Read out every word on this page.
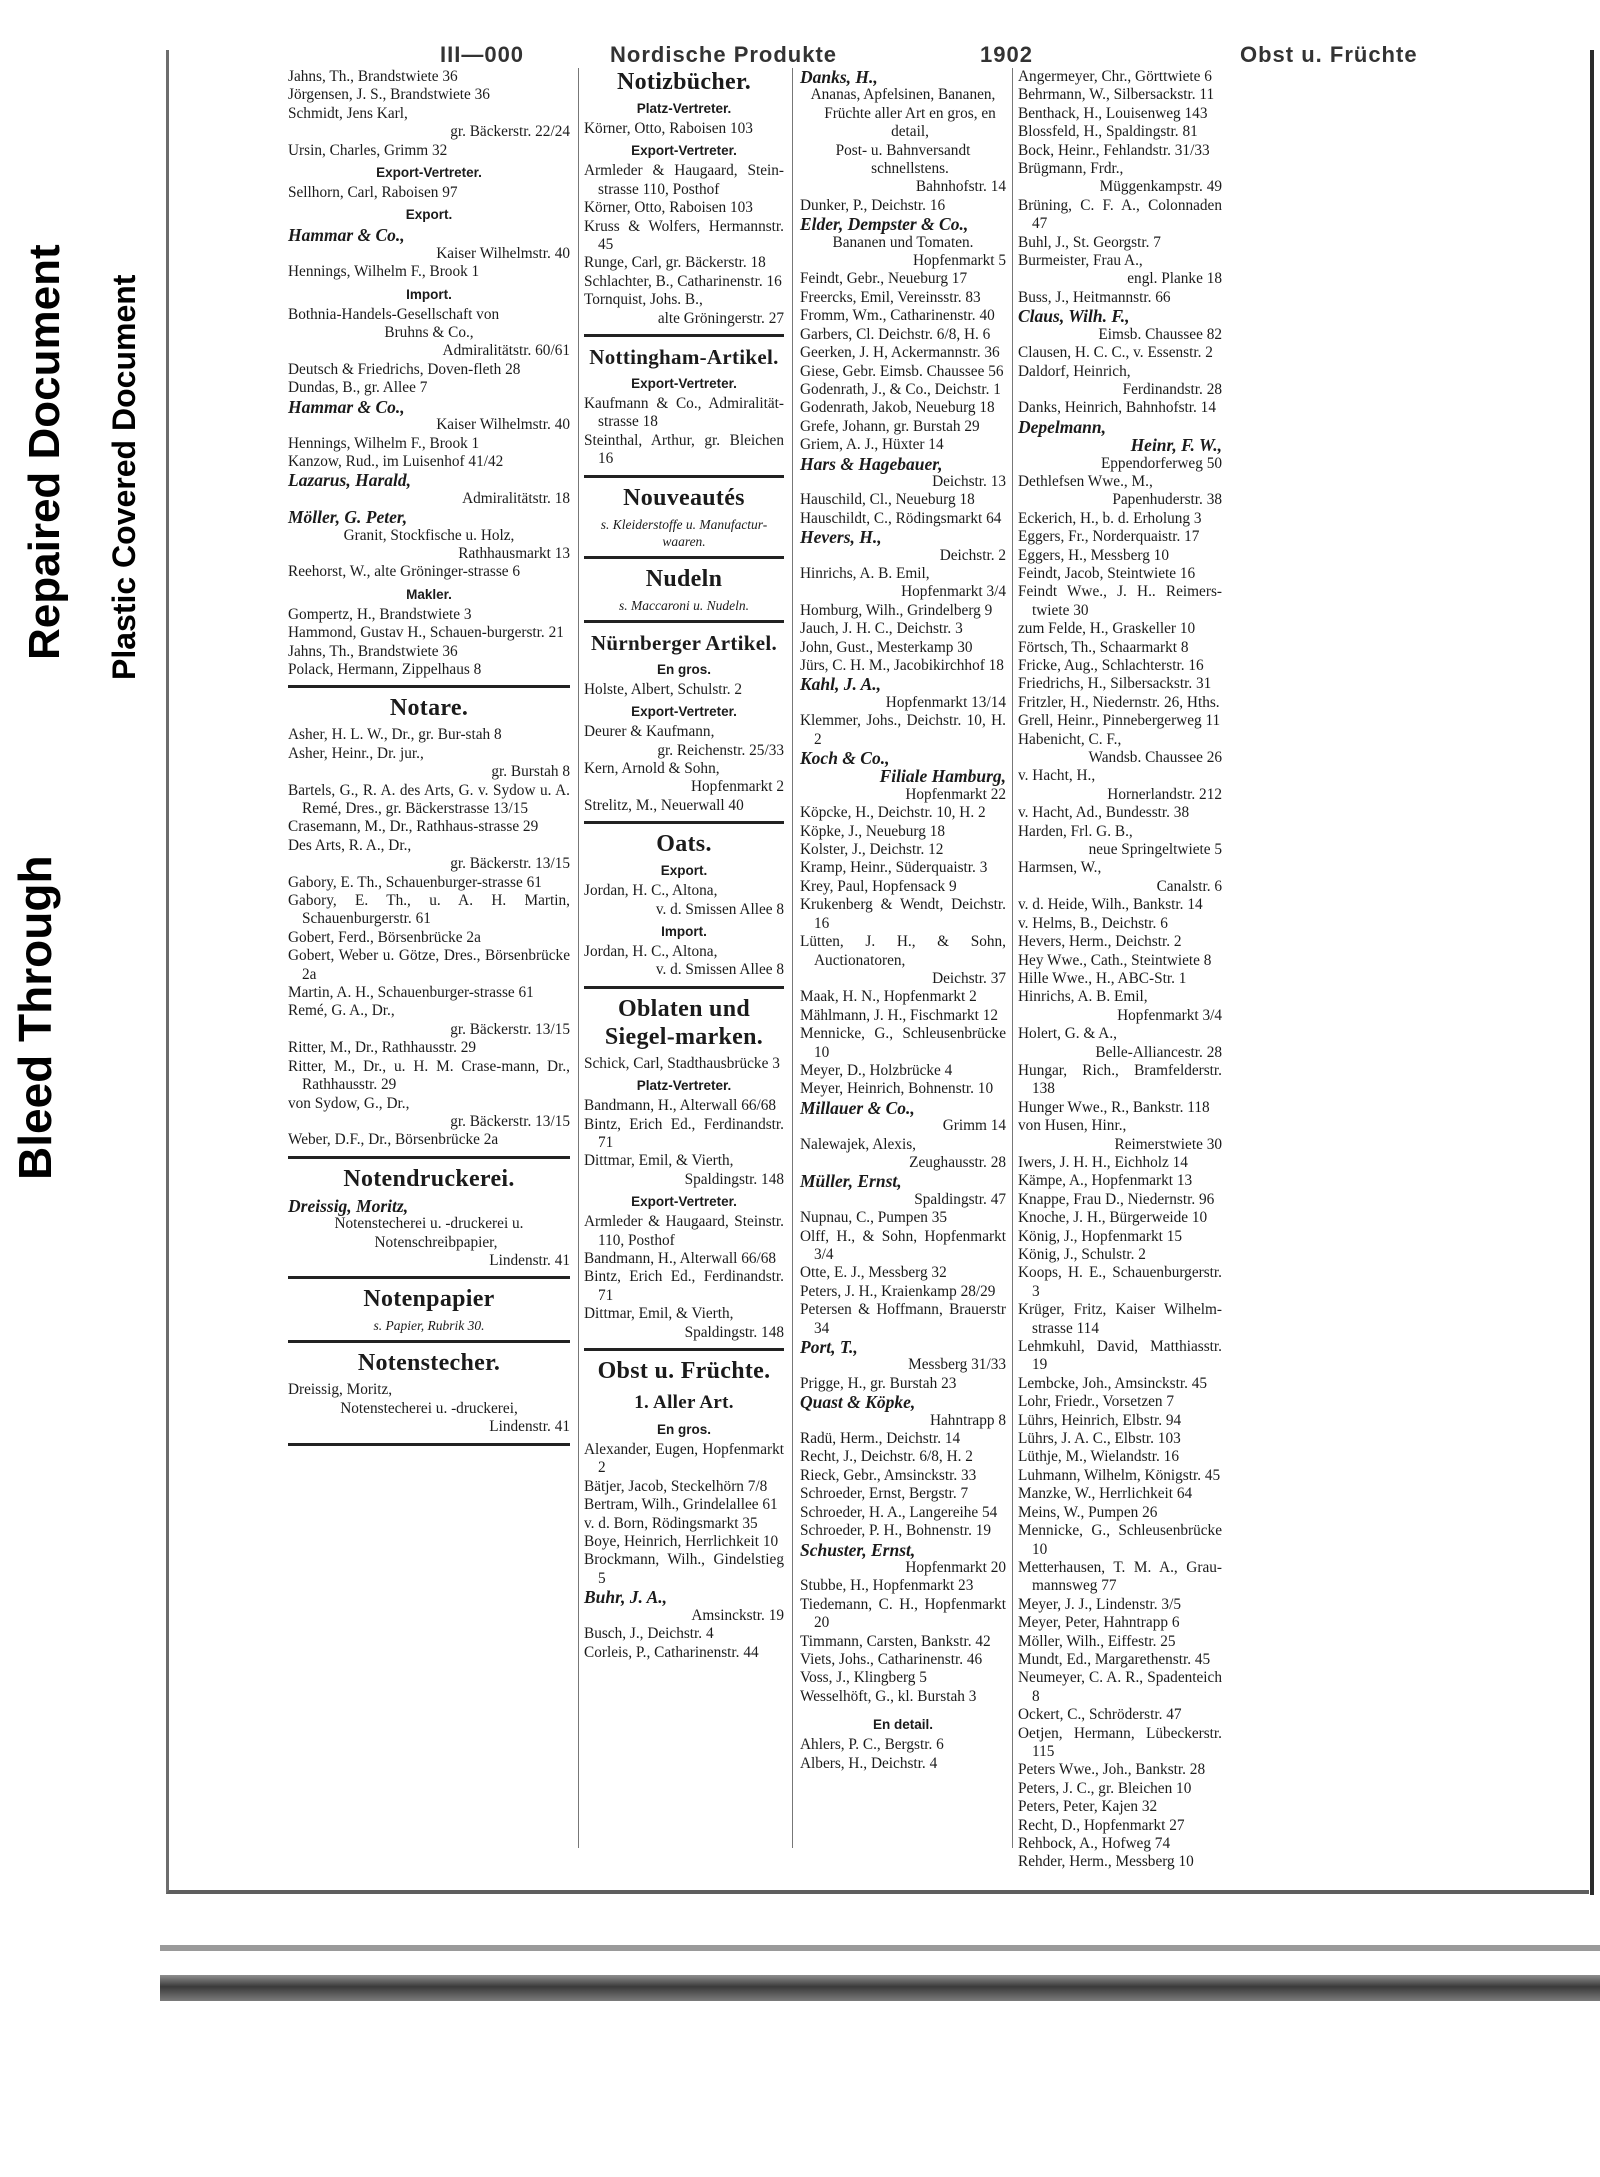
Bleed Through
Repaired Document Plastic Covered Document
III—000	Nordische Produkte	1902	Obst u. Früchte

Jahns, Th., Brandstwiete 36

Jörgensen, J. S., Brandstwiete 36

Schmidt, Jens Karl,

gr. Bäckerstr. 22/24

Ursin, Charles, Grimm 32

Export-Vertreter.

Sellhorn, Carl, Raboisen 97

Export.

Hammar & Co.,

Kaiser Wilhelmstr. 40

Hennings, Wilhelm F., Brook 1

Import.

Bothnia-Handels-Gesellschaft von

Bruhns & Co.,

Admiralitätstr. 60/61

Deutsch & Friedrichs, Doven-fleth 28

Dundas, B., gr. Allee 7

Hammar & Co.,

Kaiser Wilhelmstr. 40

Hennings, Wilhelm F., Brook 1

Kanzow, Rud., im Luisenhof 41/42

Lazarus, Harald,

Admiralitätstr. 18

Möller, G. Peter,

Granit, Stockfische u. Holz,

Rathhausmarkt 13

Reehorst, W., alte Gröninger-strasse 6

Makler.

Gompertz, H., Brandstwiete 3

Hammond, Gustav H., Schauen-burgerstr. 21

Jahns, Th., Brandstwiete 36

Polack, Hermann, Zippelhaus 8

Notare.

Asher, H. L. W., Dr., gr. Bur-stah 8

Asher, Heinr., Dr. jur.,

gr. Burstah 8

Bartels, G., R. A. des Arts, G. v. Sydow u. A. Remé, Dres., gr. Bäckerstrasse 13/15

Crasemann, M., Dr., Rathhaus-strasse 29

Des Arts, R. A., Dr.,

gr. Bäckerstr. 13/15

Gabory, E. Th., Schauenburger-strasse 61

Gabory, E. Th., u. A. H. Martin, Schauenburgerstr. 61

Gobert, Ferd., Börsenbrücke 2a

Gobert, Weber u. Götze, Dres., Börsenbrücke 2a

Martin, A. H., Schauenburger-strasse 61

Remé, G. A., Dr.,

gr. Bäckerstr. 13/15

Ritter, M., Dr., Rathhausstr. 29

Ritter, M., Dr., u. H. M. Crase-mann, Dr., Rathhausstr. 29

von Sydow, G., Dr.,

gr. Bäckerstr. 13/15

Weber, D.F., Dr., Börsenbrücke 2a

Notendruckerei.

Dreissig, Moritz,

Notenstecherei u. -druckerei u. Notenschreibpapier,

Lindenstr. 41

Notenpapier
s. Papier, Rubrik 30.
Notenstecher.

Dreissig, Moritz,

Notenstecherei u. -druckerei,

Lindenstr. 41

Notizbücher.
Platz-Vertreter.

Körner, Otto, Raboisen 103

Export-Vertreter.

Armleder & Haugaard, Stein-strasse 110, Posthof

Körner, Otto, Raboisen 103

Kruss & Wolfers, Hermannstr. 45

Runge, Carl, gr. Bäckerstr. 18

Schlachter, B., Catharinenstr. 16

Tornquist, Johs. B.,

alte Gröningerstr. 27

Nottingham-Artikel.
Export-Vertreter.

Kaufmann & Co., Admiralität-strasse 18

Steinthal, Arthur, gr. Bleichen 16

Nouveautés
s. Kleiderstoffe u. Manufactur-waaren.
Nudeln
s. Maccaroni u. Nudeln.
Nürnberger Artikel.
En gros.

Holste, Albert, Schulstr. 2

Export-Vertreter.

Deurer & Kaufmann,

gr. Reichenstr. 25/33

Kern, Arnold & Sohn,

Hopfenmarkt 2

Strelitz, M., Neuerwall 40

Oats.
Export.

Jordan, H. C., Altona,

v. d. Smissen Allee 8

Import.

Jordan, H. C., Altona,

v. d. Smissen Allee 8

Oblaten und Siegel-marken.

Schick, Carl, Stadthausbrücke 3

Platz-Vertreter.

Bandmann, H., Alterwall 66/68

Bintz, Erich Ed., Ferdinandstr. 71

Dittmar, Emil, & Vierth,

Spaldingstr. 148

Export-Vertreter.

Armleder & Haugaard, Steinstr. 110, Posthof

Bandmann, H., Alterwall 66/68

Bintz, Erich Ed., Ferdinandstr. 71

Dittmar, Emil, & Vierth,

Spaldingstr. 148

Obst u. Früchte.
1. Aller Art.
En gros.

Alexander, Eugen, Hopfenmarkt 2

Bätjer, Jacob, Steckelhörn 7/8

Bertram, Wilh., Grindelallee 61

v. d. Born, Rödingsmarkt 35

Boye, Heinrich, Herrlichkeit 10

Brockmann, Wilh., Gindelstieg 5

Buhr, J. A.,

Amsinckstr. 19

Busch, J., Deichstr. 4

Corleis, P., Catharinenstr. 44

Danks, H.,

Ananas, Apfelsinen, Bananen, Früchte aller Art en gros, en detail,

Post- u. Bahnversandt schnellstens.

Bahnhofstr. 14

Dunker, P., Deichstr. 16

Elder, Dempster & Co.,

Bananen und Tomaten.

Hopfenmarkt 5

Feindt, Gebr., Neueburg 17

Freercks, Emil, Vereinsstr. 83

Fromm, Wm., Catharinenstr. 40

Garbers, Cl. Deichstr. 6/8, H. 6

Geerken, J. H, Ackermannstr. 36

Giese, Gebr. Eimsb. Chaussee 56

Godenrath, J., & Co., Deichstr. 1

Godenrath, Jakob, Neueburg 18

Grefe, Johann, gr. Burstah 29

Griem, A. J., Hüxter 14

Hars & Hagebauer,

Deichstr. 13

Hauschild, Cl., Neueburg 18

Hauschildt, C., Rödingsmarkt 64

Hevers, H.,

Deichstr. 2

Hinrichs, A. B. Emil,

Hopfenmarkt 3/4

Homburg, Wilh., Grindelberg 9

Jauch, J. H. C., Deichstr. 3

John, Gust., Mesterkamp 30

Jürs, C. H. M., Jacobikirchhof 18

Kahl, J. A.,

Hopfenmarkt 13/14

Klemmer, Johs., Deichstr. 10, H. 2

Koch & Co.,

Filiale Hamburg,

Hopfenmarkt 22

Köpcke, H., Deichstr. 10, H. 2

Köpke, J., Neueburg 18

Kolster, J., Deichstr. 12

Kramp, Heinr., Süderquaistr. 3

Krey, Paul, Hopfensack 9

Krukenberg & Wendt, Deichstr. 16

Lütten, J. H., & Sohn, Auctionatoren,

Deichstr. 37

Maak, H. N., Hopfenmarkt 2

Mählmann, J. H., Fischmarkt 12

Mennicke, G., Schleusenbrücke 10

Meyer, D., Holzbrücke 4

Meyer, Heinrich, Bohnenstr. 10

Millauer & Co.,

Grimm 14

Nalewajek, Alexis,

Zeughausstr. 28

Müller, Ernst,

Spaldingstr. 47

Nupnau, C., Pumpen 35

Olff, H., & Sohn, Hopfenmarkt 3/4

Otte, E. J., Messberg 32

Peters, J. H., Kraienkamp 28/29

Petersen & Hoffmann, Brauerstr 34

Port, T.,

Messberg 31/33

Prigge, H., gr. Burstah 23

Quast & Köpke,

Hahntrapp 8

Radü, Herm., Deichstr. 14

Recht, J., Deichstr. 6/8, H. 2

Rieck, Gebr., Amsinckstr. 33

Schroeder, Ernst, Bergstr. 7

Schroeder, H. A., Langereihe 54

Schroeder, P. H., Bohnenstr. 19

Schuster, Ernst,

Hopfenmarkt 20

Stubbe, H., Hopfenmarkt 23

Tiedemann, C. H., Hopfenmarkt 20

Timmann, Carsten, Bankstr. 42

Viets, Johs., Catharinenstr. 46

Voss, J., Klingberg 5

Wesselhöft, G., kl. Burstah 3

En detail.

Ahlers, P. C., Bergstr. 6

Albers, H., Deichstr. 4

Angermeyer, Chr., Görttwiete 6

Behrmann, W., Silbersackstr. 11

Benthack, H., Louisenweg 143

Blossfeld, H., Spaldingstr. 81

Bock, Heinr., Fehlandstr. 31/33

Brügmann, Frdr.,

Müggenkampstr. 49

Brüning, C. F. A., Colonnaden 47

Buhl, J., St. Georgstr. 7

Burmeister, Frau A.,

engl. Planke 18

Buss, J., Heitmannstr. 66

Claus, Wilh. F.,

Eimsb. Chaussee 82

Clausen, H. C. C., v. Essenstr. 2

Daldorf, Heinrich,

Ferdinandstr. 28

Danks, Heinrich, Bahnhofstr. 14

Depelmann,

Heinr, F. W.,

Eppendorferweg 50

Dethlefsen Wwe., M.,

Papenhuderstr. 38

Eckerich, H., b. d. Erholung 3

Eggers, Fr., Norderquaistr. 17

Eggers, H., Messberg 10

Feindt, Jacob, Steintwiete 16

Feindt Wwe., J. H.. Reimers-twiete 30

zum Felde, H., Graskeller 10

Förtsch, Th., Schaarmarkt 8

Fricke, Aug., Schlachterstr. 16

Friedrichs, H., Silbersackstr. 31

Fritzler, H., Niedernstr. 26, Hths.

Grell, Heinr., Pinnebergerweg 11

Habenicht, C. F.,

Wandsb. Chaussee 26

v. Hacht, H.,

Hornerlandstr. 212

v. Hacht, Ad., Bundesstr. 38

Harden, Frl. G. B.,

neue Springeltwiete 5

Harmsen, W.,

Canalstr. 6

v. d. Heide, Wilh., Bankstr. 14

v. Helms, B., Deichstr. 6

Hevers, Herm., Deichstr. 2

Hey Wwe., Cath., Steintwiete 8

Hille Wwe., H., ABC-Str. 1

Hinrichs, A. B. Emil,

Hopfenmarkt 3/4

Holert, G. & A.,

Belle-Alliancestr. 28

Hungar, Rich., Bramfelderstr. 138

Hunger Wwe., R., Bankstr. 118

von Husen, Hinr.,

Reimerstwiete 30

Iwers, J. H. H., Eichholz 14

Kämpe, A., Hopfenmarkt 13

Knappe, Frau D., Niedernstr. 96

Knoche, J. H., Bürgerweide 10

König, J., Hopfenmarkt 15

König, J., Schulstr. 2

Koops, H. E., Schauenburgerstr. 3

Krüger, Fritz, Kaiser Wilhelm-strasse 114

Lehmkuhl, David, Matthiasstr. 19

Lembcke, Joh., Amsinckstr. 45

Lohr, Friedr., Vorsetzen 7

Lührs, Heinrich, Elbstr. 94

Lührs, J. A. C., Elbstr. 103

Lüthje, M., Wielandstr. 16

Luhmann, Wilhelm, Königstr. 45

Manzke, W., Herrlichkeit 64

Meins, W., Pumpen 26

Mennicke, G., Schleusenbrücke 10

Metterhausen, T. M. A., Grau-mannsweg 77

Meyer, J. J., Lindenstr. 3/5

Meyer, Peter, Hahntrapp 6

Möller, Wilh., Eiffestr. 25

Mundt, Ed., Margarethenstr. 45

Neumeyer, C. A. R., Spadenteich 8

Ockert, C., Schröderstr. 47

Oetjen, Hermann, Lübeckerstr. 115

Peters Wwe., Joh., Bankstr. 28

Peters, J. C., gr. Bleichen 10

Peters, Peter, Kajen 32

Recht, D., Hopfenmarkt 27

Rehbock, A., Hofweg 74

Rehder, Herm., Messberg 10
